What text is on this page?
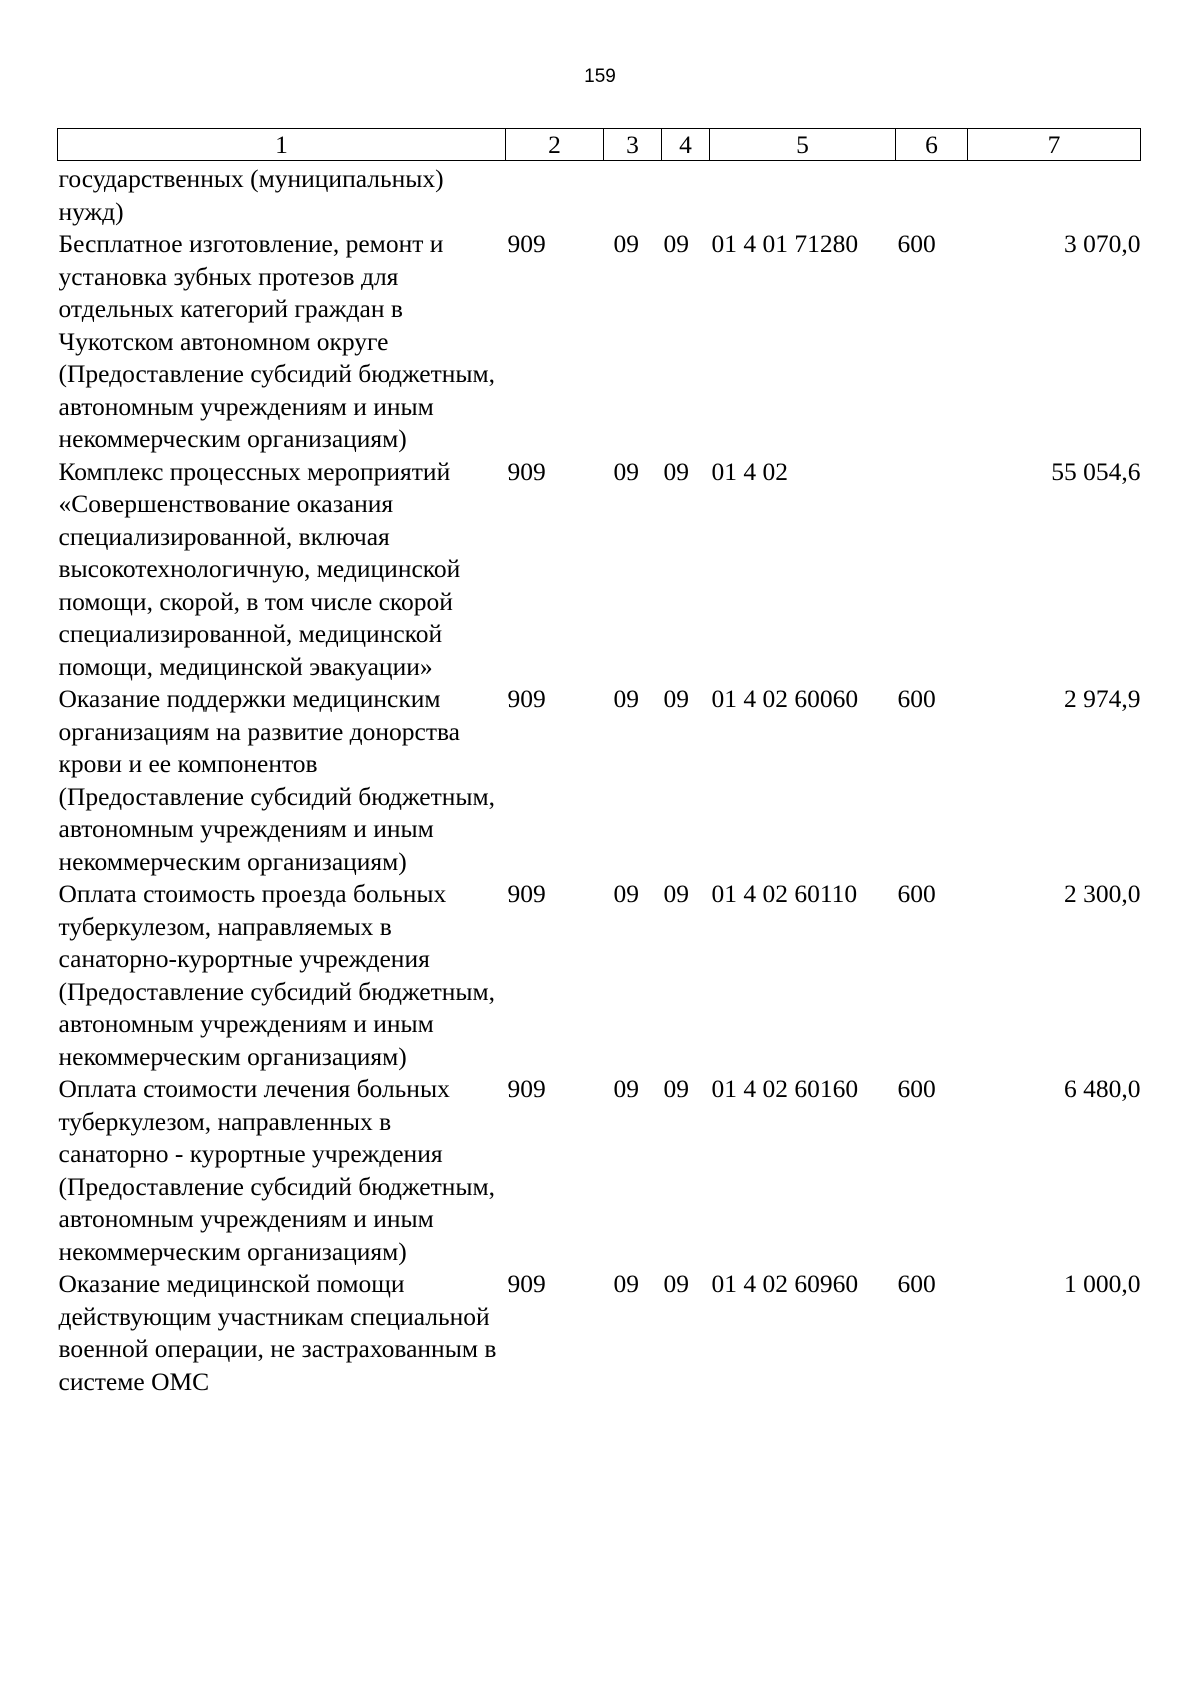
159
1	2	3	4	5	6	7
государственных (муниципальных) нужд)						
Бесплатное изготовление, ремонт и установка зубных протезов для отдельных категорий граждан в Чукотском автономном округе (Предоставление субсидий бюджетным, автономным учреждениям и иным некоммерческим организациям)	909	09	09	01 4 01 71280	600	3 070,0
Комплекс процессных мероприятий «Совершенствование оказания специализированной, включая высокотехнологичную, медицинской помощи, скорой, в том числе скорой специализированной, медицинской помощи, медицинской эвакуации»	909	09	09	01 4 02		55 054,6
Оказание поддержки медицинским организациям на развитие донорства крови и ее компонентов (Предоставление субсидий бюджетным, автономным учреждениям и иным некоммерческим организациям)	909	09	09	01 4 02 60060	600	2 974,9
Оплата стоимость проезда больных туберкулезом, направляемых в санаторно-курортные учреждения (Предоставление субсидий бюджетным, автономным учреждениям и иным некоммерческим организациям)	909	09	09	01 4 02 60110	600	2 300,0
Оплата стоимости лечения больных туберкулезом, направленных в санаторно - курортные учреждения (Предоставление субсидий бюджетным, автономным учреждениям и иным некоммерческим организациям)	909	09	09	01 4 02 60160	600	6 480,0
Оказание медицинской помощи действующим участникам специальной военной операции, не застрахованным в системе ОМС	909	09	09	01 4 02 60960	600	1 000,0
